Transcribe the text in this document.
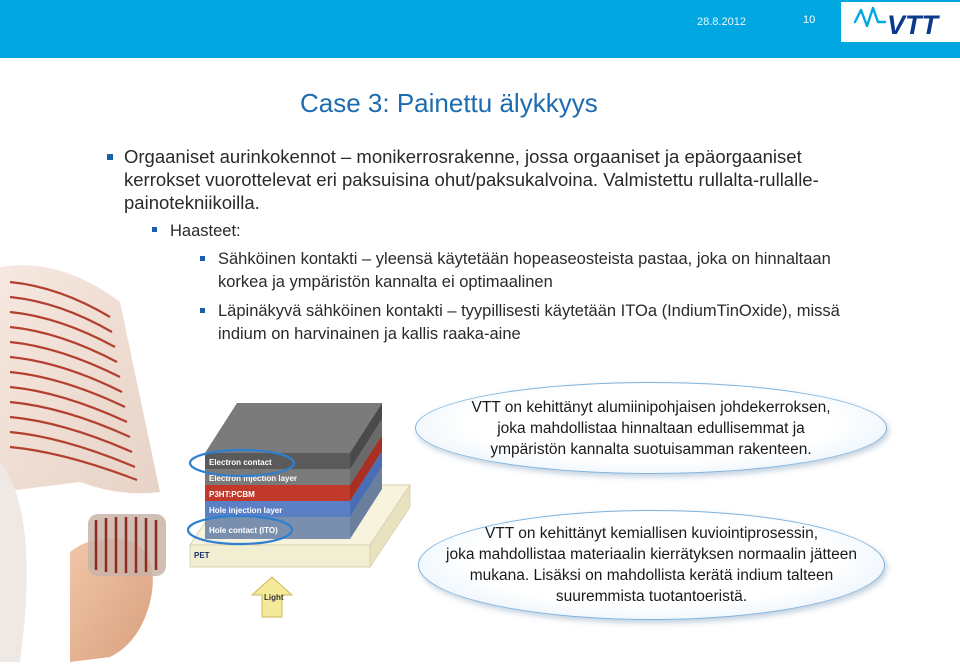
28.8.2012	10	VTT
Case 3: Painettu älykkyys

Orgaaniset aurinkokennot – monikerrosrakenne, jossa orgaaniset ja epäorgaaniset kerrokset vuorottelevat eri paksuisina ohut/paksukalvoina. Valmistettu rullalta-rullalle-painotekniikoilla.

Haasteet:

Sähköinen kontakti – yleensä käytetään hopeaseosteista pastaa, joka on hinnaltaan korkea ja ympäristön kannalta ei optimaalinen

Läpinäkyvä sähköinen kontakti – tyypillisesti käytetään ITOa (IndiumTinOxide), missä indium on harvinainen ja kallis raaka-aine

PET
Hole contact (ITO)
Hole injection layer
P3HT:PCBM
Electron injection layer
Electron contact
Light
VTT on kehittänyt alumiinipohjaisen johdekerroksen,
joka mahdollistaa hinnaltaan edullisemmat ja
ympäristön kannalta suotuisamman rakenteen.
VTT on kehittänyt kemiallisen kuviointiprosessin,
joka mahdollistaa materiaalin kierrätyksen normaalin jätteen
mukana. Lisäksi on mahdollista kerätä indium talteen
suuremmista tuotantoeristä.
